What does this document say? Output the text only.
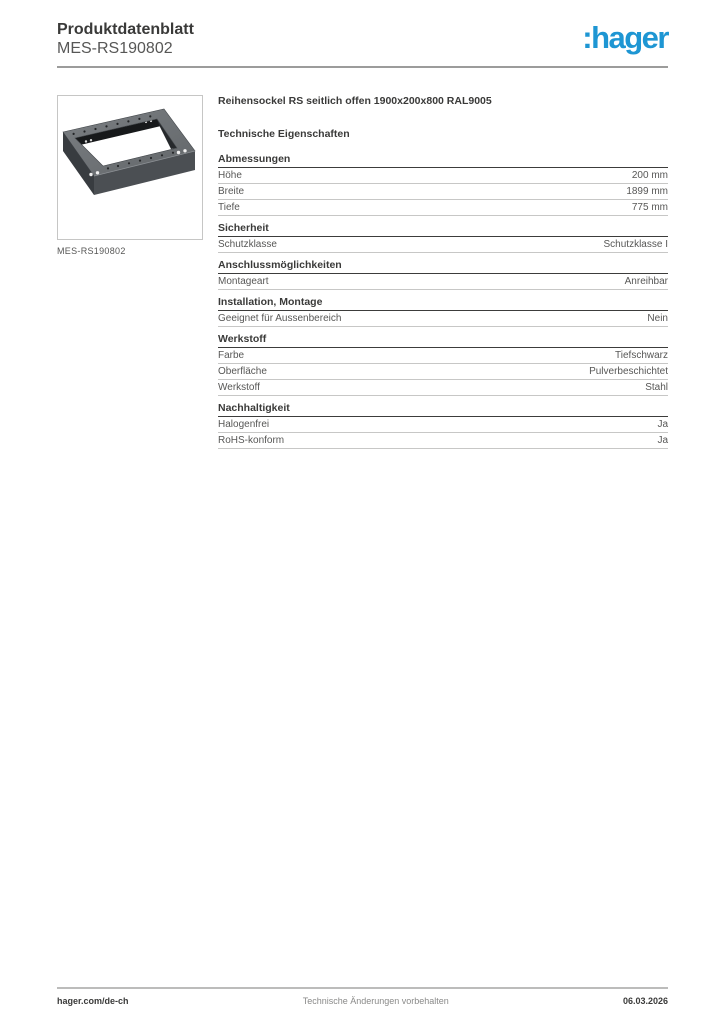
Produktdatenblatt
MES-RS190802	:hager
MES-RS190802
Reihensockel RS seitlich offen 1900x200x800 RAL9005
Technische Eigenschaften
Abmessungen
Höhe	200 mm
Breite	1899 mm
Tiefe	775 mm
Sicherheit
Schutzklasse	Schutzklasse I
Anschlussmöglichkeiten
Montageart	Anreihbar
Installation, Montage
Geeignet für Aussenbereich	Nein
Werkstoff
Farbe	Tiefschwarz
Oberfläche	Pulverbeschichtet
Werkstoff	Stahl
Nachhaltigkeit
Halogenfrei	Ja
RoHS-konform	Ja
hager.com/de-ch	Technische Änderungen vorbehalten	06.03.2026
